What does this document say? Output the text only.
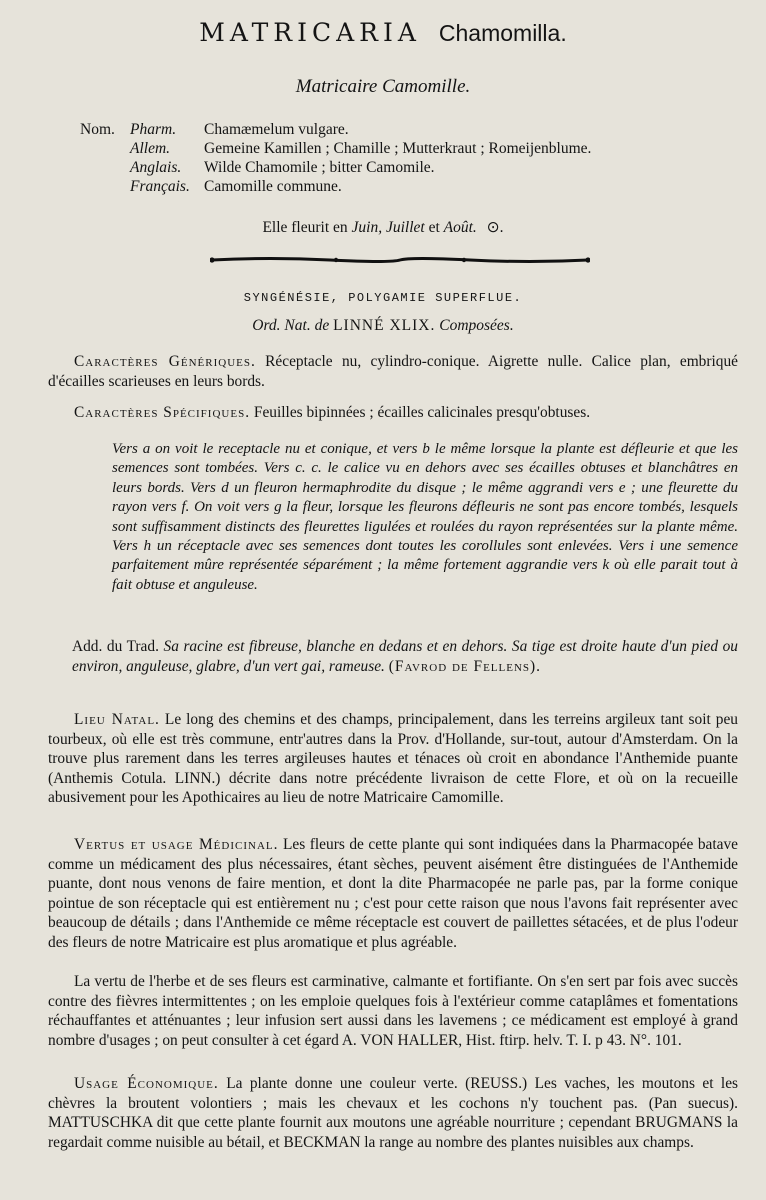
MATRICARIA Chamomilla.
Matricaire Camomille.
Nom. Pharm. Chamæmelum vulgare.
Allem. Gemeine Kamillen ; Chamille ; Mutterkraut ; Romeijenblume.
Anglais. Wilde Chamomile ; bitter Camomile.
Français. Camomille commune.
Elle fleurit en Juin, Juillet et Août. ⊙.
SYNGÉNÉSIE, POLYGAMIE SUPERFLUE.
Ord. Nat. de LINNÉ XLIX. Composées.
Caractères Génériques. Réceptacle nu, cylindro-conique. Aigrette nulle. Calice plan, embriqué d'écailles scarieuses en leurs bords.
Caractères Spécifiques. Feuilles bipinnées ; écailles calicinales presqu'obtuses.
Vers a on voit le receptacle nu et conique, et vers b le même lorsque la plante est défleurie et que les semences sont tombées. Vers c. c. le calice vu en dehors avec ses écailles obtuses et blanchâtres en leurs bords. Vers d un fleuron hermaphrodite du disque ; le même aggrandi vers e ; une fleurette du rayon vers f. On voit vers g la fleur, lorsque les fleurons défleuris ne sont pas encore tombés, lesquels sont suffisamment distincts des fleurettes ligulées et roulées du rayon représentées sur la plante même. Vers h un réceptacle avec ses semences dont toutes les corollules sont enlevées. Vers i une semence parfaitement mûre représentée séparément ; la même fortement aggrandie vers k où elle parait tout à fait obtuse et anguleuse.
Add. du Trad. Sa racine est fibreuse, blanche en dedans et en dehors. Sa tige est droite haute d'un pied ou environ, anguleuse, glabre, d'un vert gai, rameuse. (Favrod de Fellens).
Lieu Natal. Le long des chemins et des champs, principalement, dans les terreins argileux tant soit peu tourbeux, où elle est très commune, entr'autres dans la Prov. d'Hollande, sur-tout, autour d'Amsterdam. On la trouve plus rarement dans les terres argileuses hautes et ténaces où croit en abondance l'Anthemide puante (Anthemis Cotula. LINN.) décrite dans notre précédente livraison de cette Flore, et où on la recueille abusivement pour les Apothicaires au lieu de notre Matricaire Camomille.
Vertus et usage Médicinal. Les fleurs de cette plante qui sont indiquées dans la Pharmacopée batave comme un médicament des plus nécessaires, étant sèches, peuvent aisément être distinguées de l'Anthemide puante, dont nous venons de faire mention, et dont la dite Pharmacopée ne parle pas, par la forme conique pointue de son réceptacle qui est entièrement nu ; c'est pour cette raison que nous l'avons fait représenter avec beaucoup de détails ; dans l'Anthemide ce même réceptacle est couvert de paillettes sétacées, et de plus l'odeur des fleurs de notre Matricaire est plus aromatique et plus agréable.
La vertu de l'herbe et de ses fleurs est carminative, calmante et fortifiante. On s'en sert par fois avec succès contre des fièvres intermittentes ; on les emploie quelques fois à l'extérieur comme cataplâmes et fomentations réchauffantes et atténuantes ; leur infusion sert aussi dans les lavemens ; ce médicament est employé à grand nombre d'usages ; on peut consulter à cet égard A. VON HALLER, Hist. ftirp. helv. T. I. p 43. N°. 101.
Usage Économique. La plante donne une couleur verte. (REUSS.) Les vaches, les moutons et les chèvres la broutent volontiers ; mais les chevaux et les cochons n'y touchent pas. (Pan suecus). MATTUSCHKA dit que cette plante fournit aux moutons une agréable nourriture ; cependant BRUGMANS la regardait comme nuisible au bétail, et BECKMAN la range au nombre des plantes nuisibles aux champs.
